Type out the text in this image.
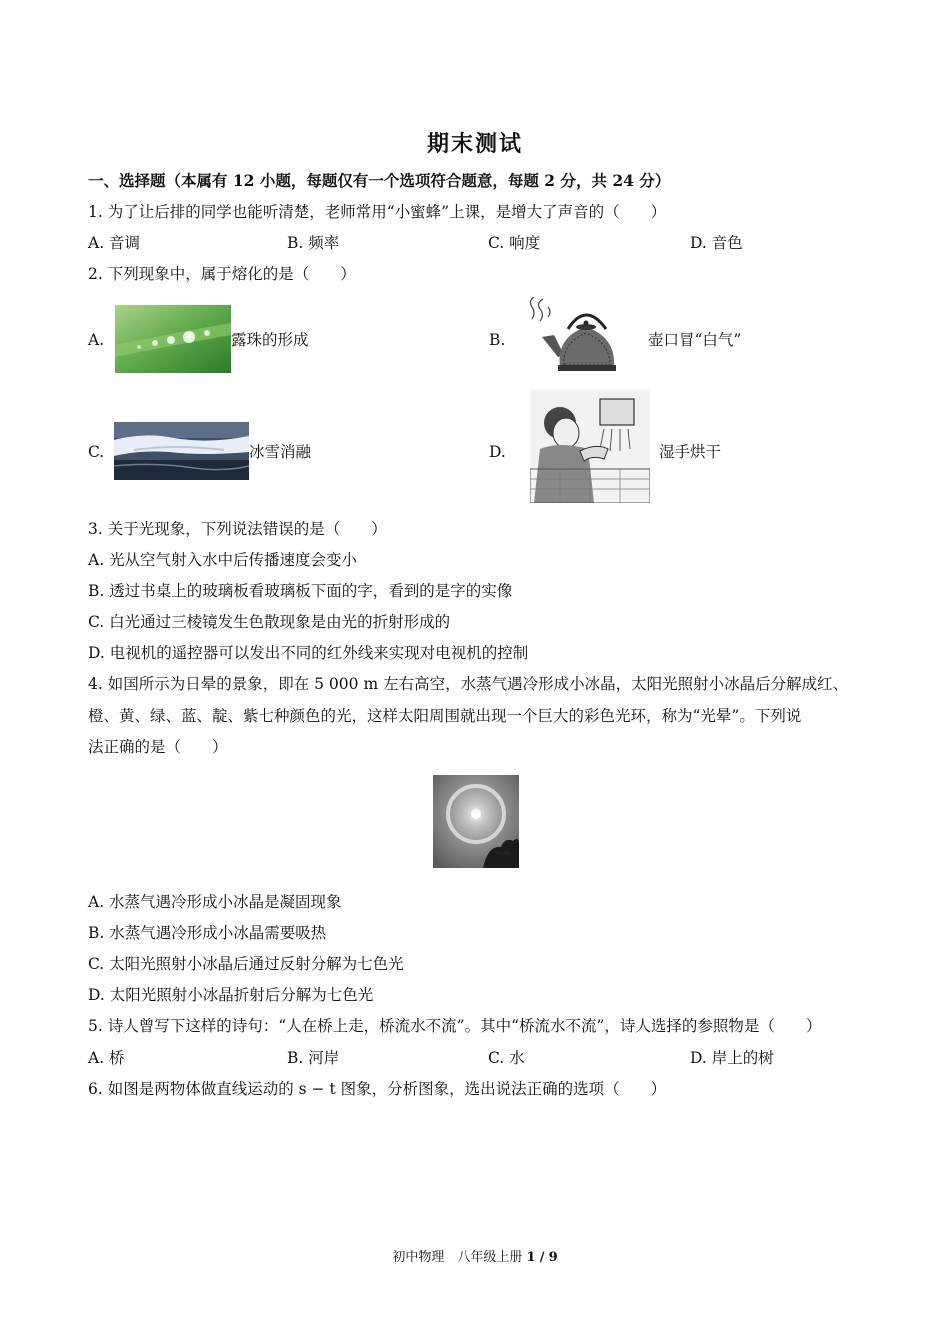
期末测试
一、选择题（本属有 12 小题，每题仅有一个选项符合题意，每题 2 分，共 24 分）
1. 为了让后排的同学也能听清楚，老师常用“小蜜蜂”上课，是增大了声音的（　　）
A. 音调	B. 频率	C. 响度	D. 音色
2. 下列现象中，属于熔化的是（　　）
A.	露珠的形成	B.	壶口冒“白气”
C.	冰雪消融	D.	湿手烘干
3. 关于光现象，下列说法错误的是（　　）
A. 光从空气射入水中后传播速度会变小
B. 透过书桌上的玻璃板看玻璃板下面的字，看到的是字的实像
C. 白光通过三棱镜发生色散现象是由光的折射形成的
D. 电视机的遥控器可以发出不同的红外线来实现对电视机的控制
4. 如国所示为日晕的景象，即在 5 000 m 左右高空，水蒸气遇冷形成小冰晶，太阳光照射小冰晶后分解成红、
橙、黄、绿、蓝、靛、紫七种颜色的光，这样太阳周围就出现一个巨大的彩色光环，称为“光晕”。下列说
法正确的是（　　）
A. 水蒸气遇冷形成小冰晶是凝固现象
B. 水蒸气遇冷形成小冰晶需要吸热
C. 太阳光照射小冰晶后通过反射分解为七色光
D. 太阳光照射小冰晶折射后分解为七色光
5. 诗人曾写下这样的诗句：“人在桥上走，桥流水不流”。其中“桥流水不流”，诗人选择的参照物是（　　）
A. 桥	B. 河岸	C. 水	D. 岸上的树
6. 如图是两物体做直线运动的 s − t 图象，分析图象，选出说法正确的选项（　　）
初中物理　八年级上册 1 / 9
